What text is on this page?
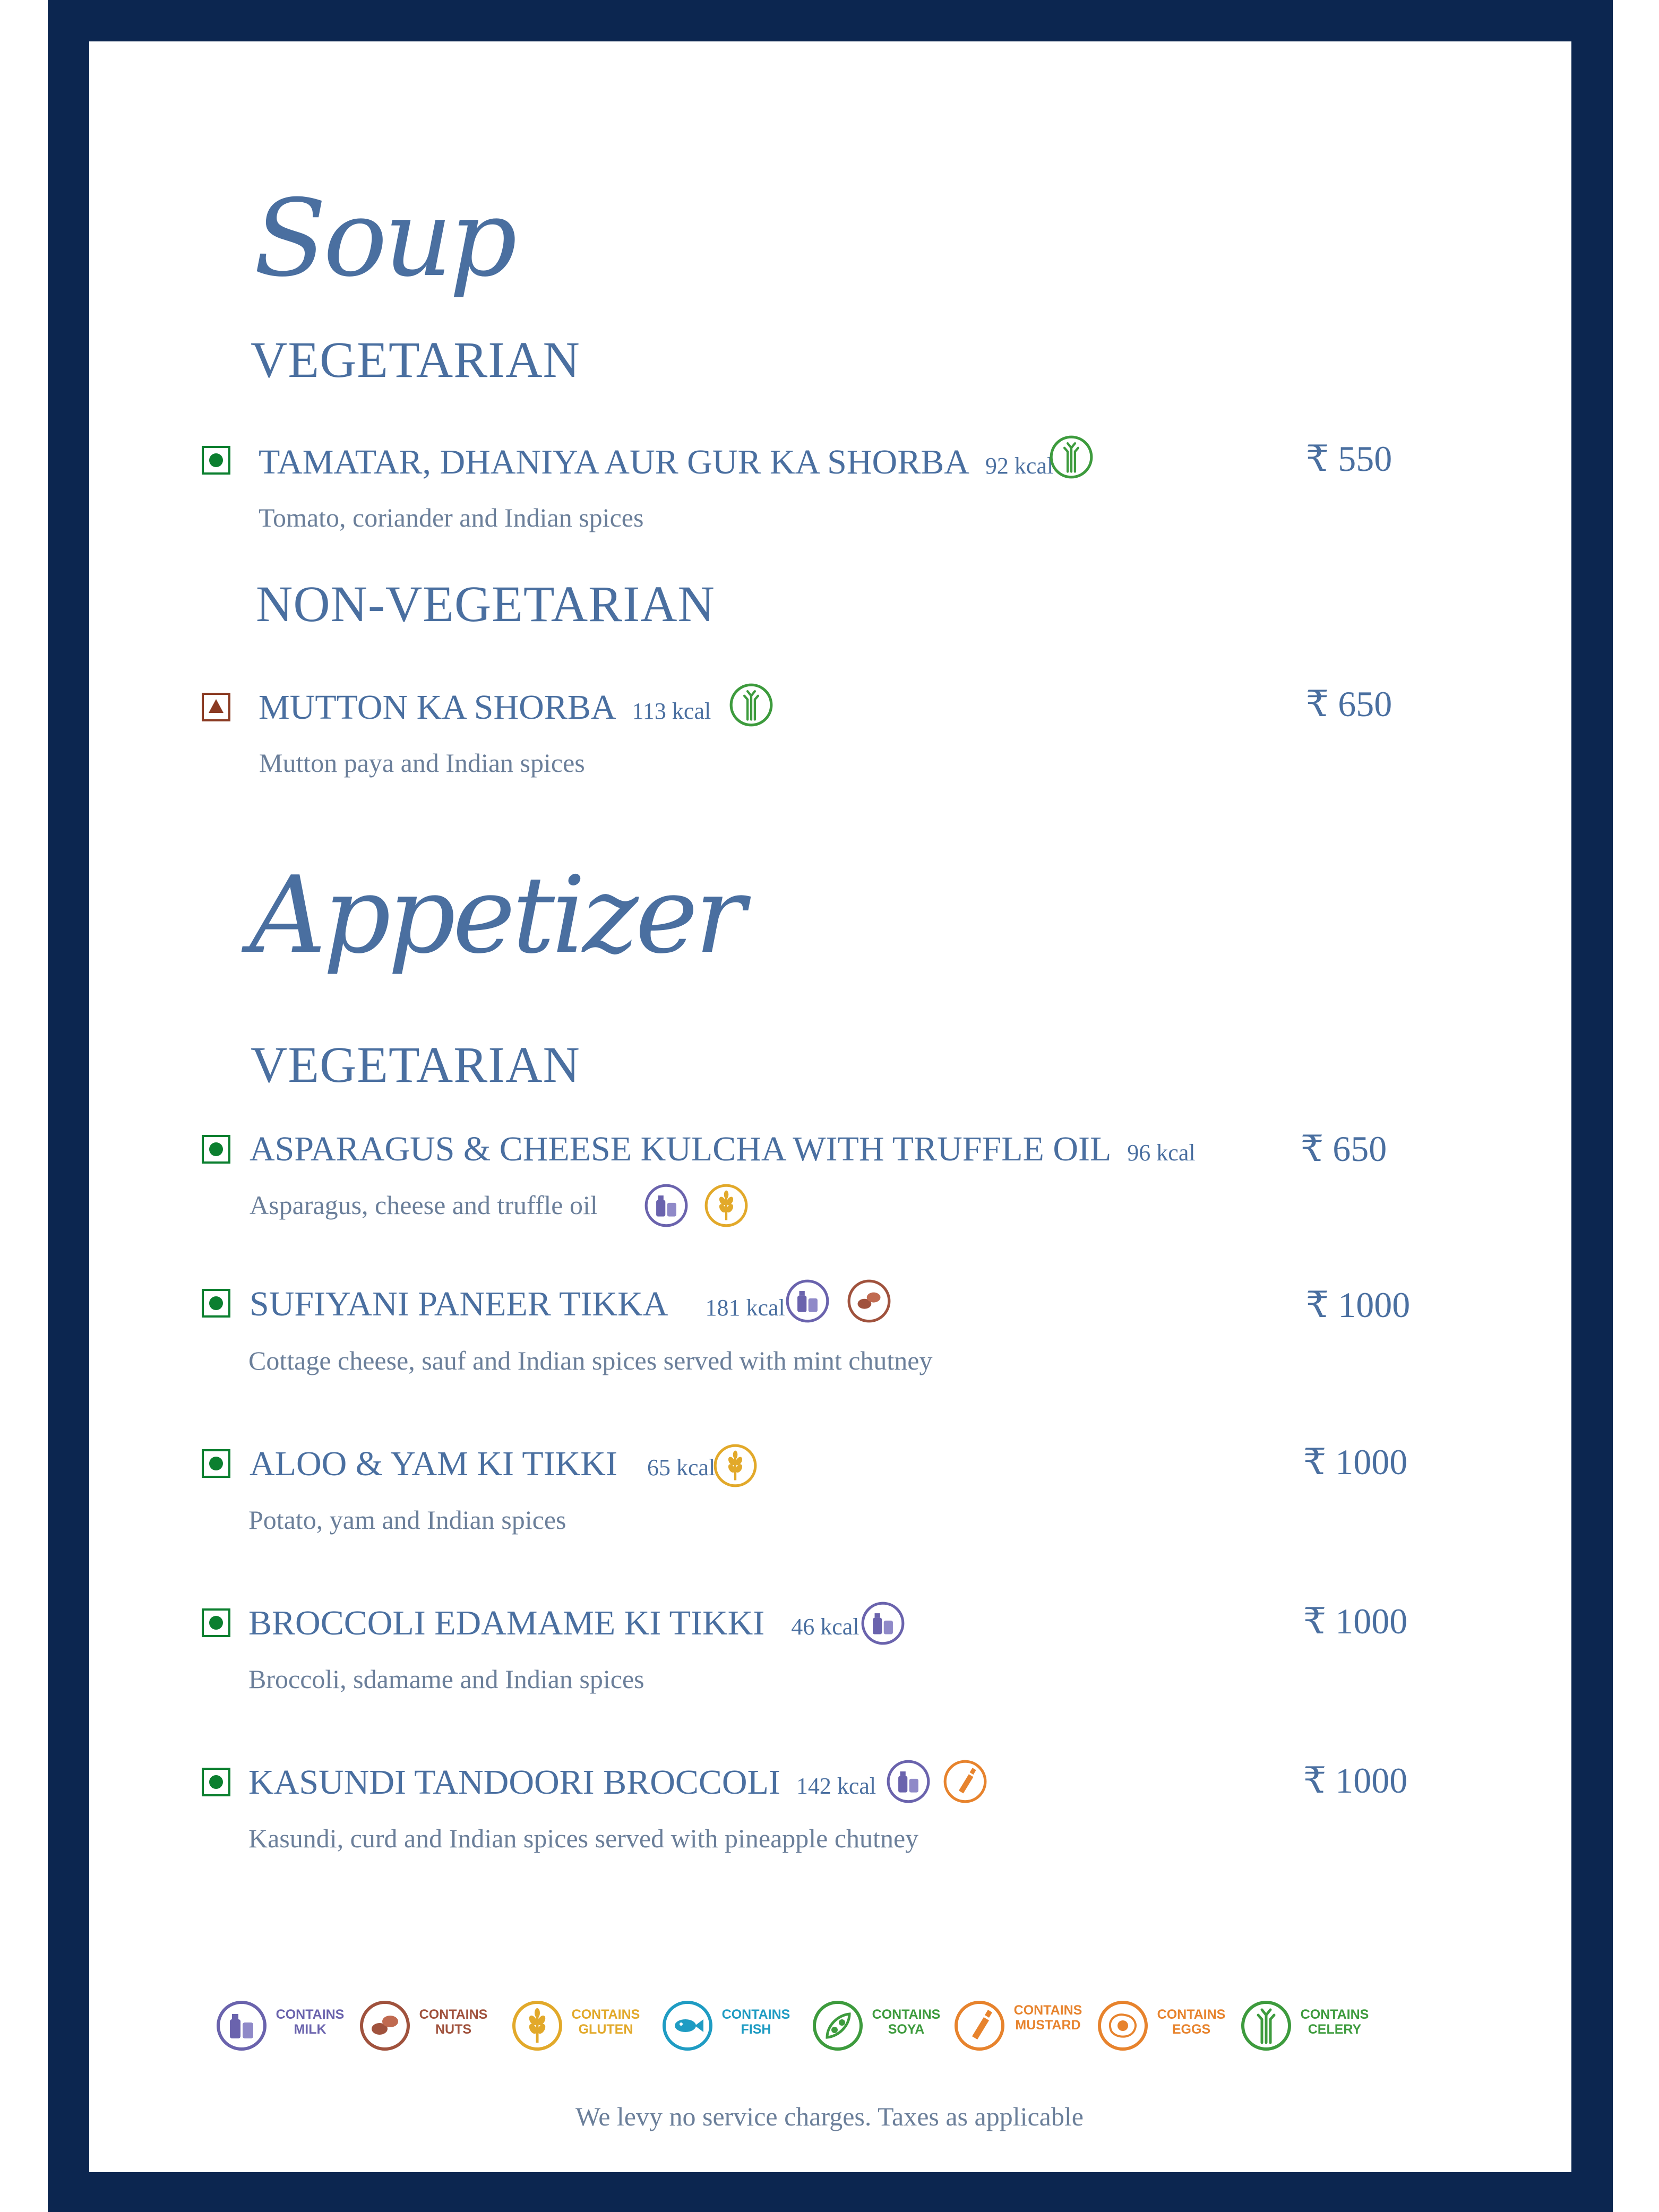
Soup
VEGETARIAN
TAMATAR, DHANIYA AUR GUR KA SHORBA 92 kcal	₹ 550
Tomato, coriander and Indian spices
NON-VEGETARIAN
MUTTON KA SHORBA 113 kcal	₹ 650
Mutton paya and Indian spices
Appetizer
VEGETARIAN
ASPARAGUS & CHEESE KULCHA WITH TRUFFLE OIL 96 kcal	₹ 650
Asparagus, cheese and truffle oil
SUFIYANI PANEER TIKKA 181 kcal	₹ 1000
Cottage cheese, sauf and Indian spices served with mint chutney
ALOO & YAM KI TIKKI 65 kcal	₹ 1000
Potato, yam and Indian spices
BROCCOLI EDAMAME KI TIKKI 46 kcal	₹ 1000
Broccoli, sdamame and Indian spices
KASUNDI TANDOORI BROCCOLI 142 kcal	₹ 1000
Kasundi, curd and Indian spices served with pineapple chutney
CONTAINS
MILK
CONTAINS
NUTS
CONTAINS
GLUTEN
CONTAINS
FISH
CONTAINS
SOYA
CONTAINS
MUSTARD
CONTAINS
EGGS
CONTAINS
CELERY
We levy no service charges. Taxes as applicable
